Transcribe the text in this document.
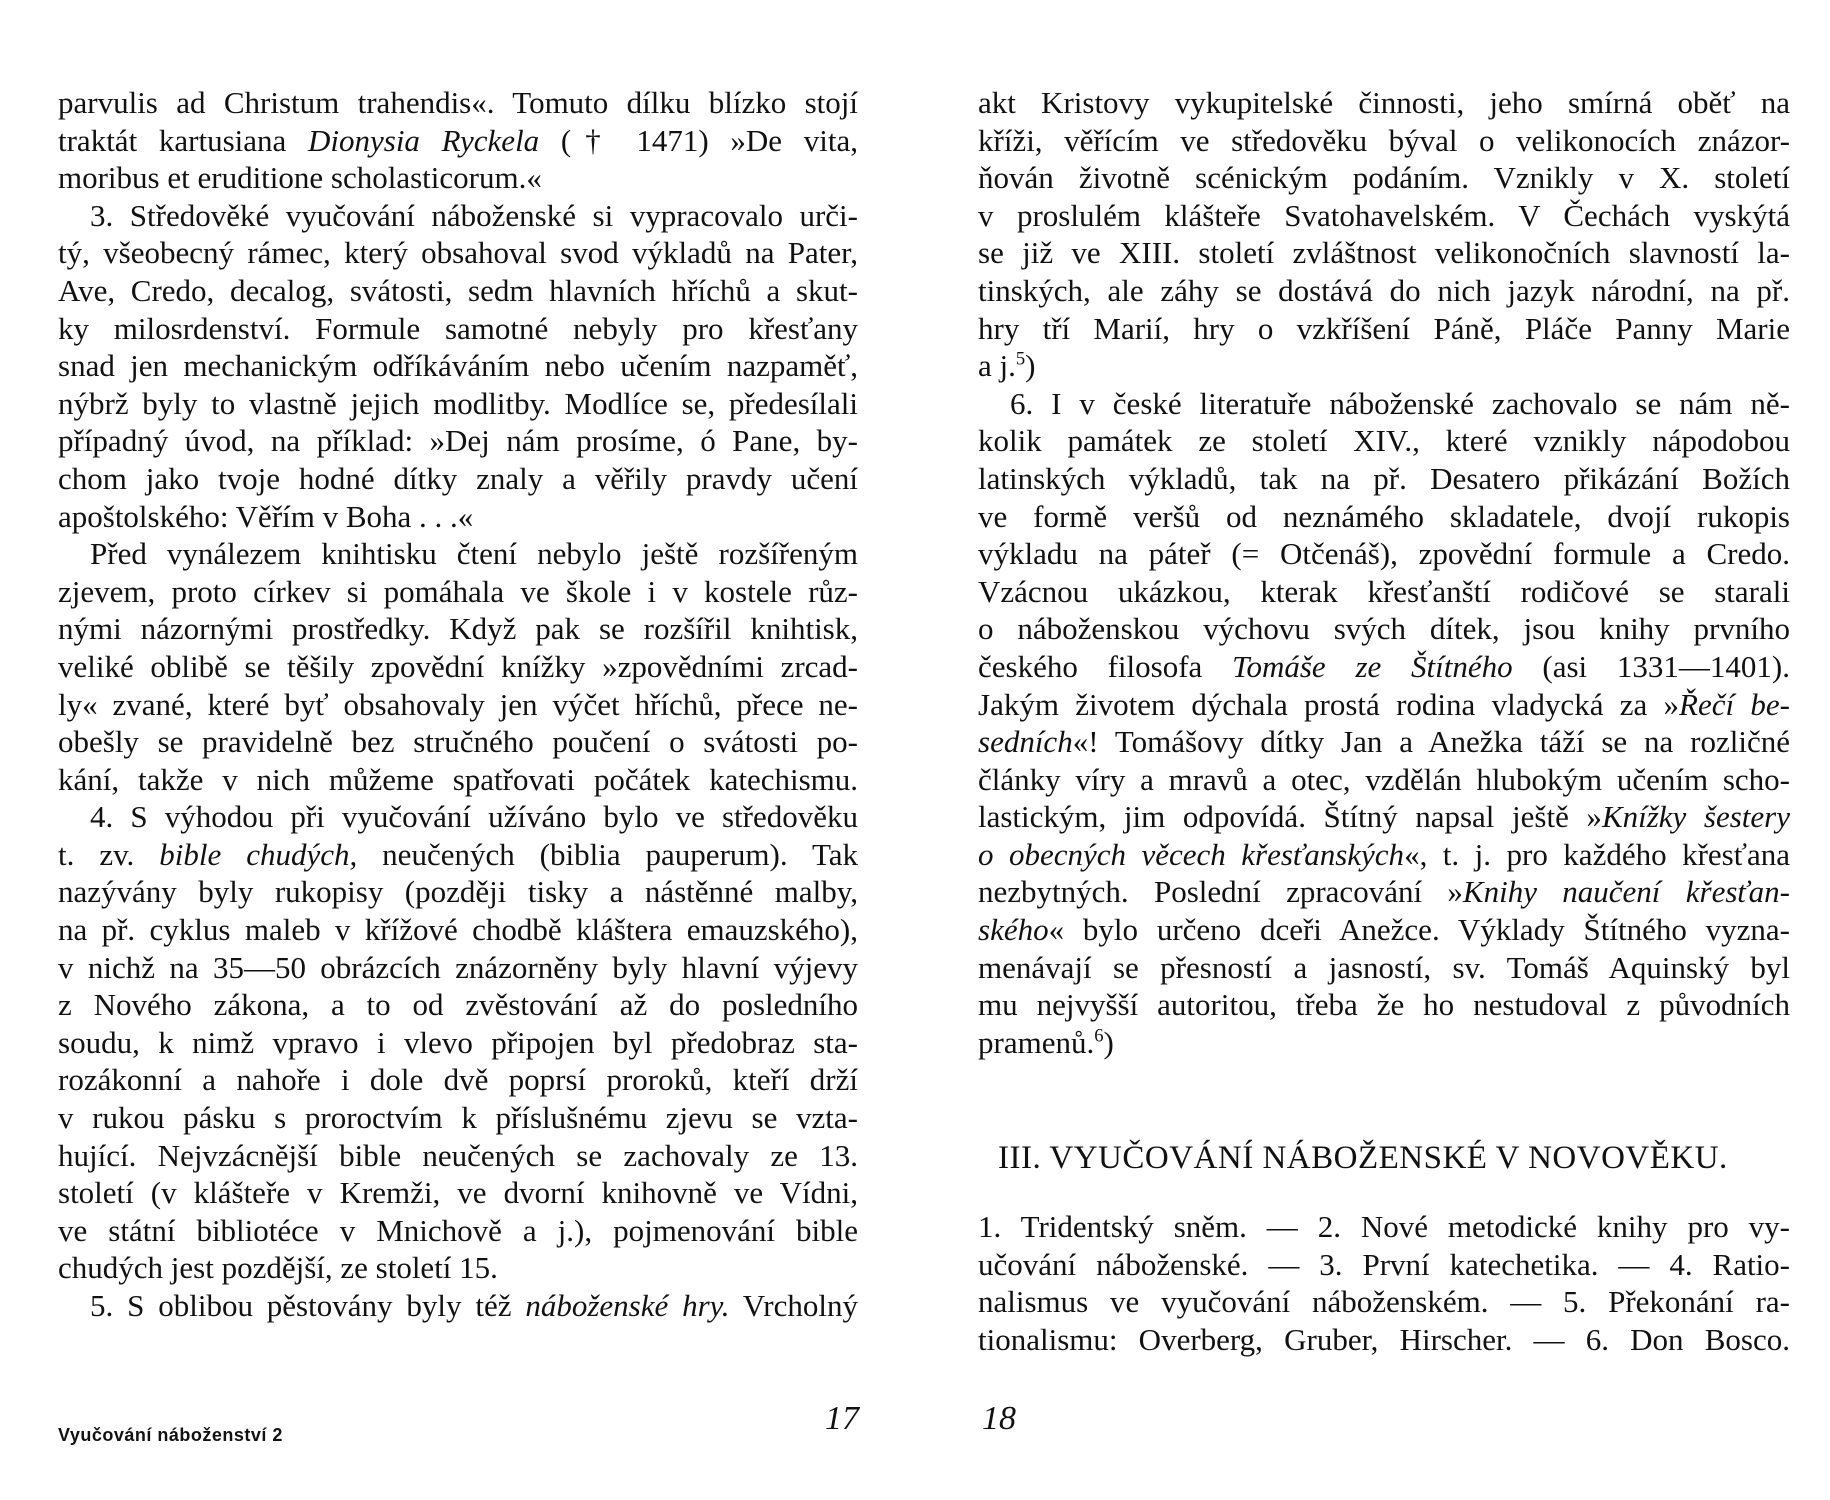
parvulis ad Christum trahendis«. Tomuto dílku blízko stojí
traktát kartusiana Dionysia Ryckela († 1471) »De vita,
moribus et eruditione scholasticorum.«
3. Středověké vyučování náboženské si vypracovalo urči-
tý, všeobecný rámec, který obsahoval svod výkladů na Pater,
Ave, Credo, decalog, svátosti, sedm hlavních hříchů a skut-
ky milosrdenství. Formule samotné nebyly pro křesťany
snad jen mechanickým odříkáváním nebo učením nazpaměť,
nýbrž byly to vlastně jejich modlitby. Modlíce se, předesílali
případný úvod, na příklad: »Dej nám prosíme, ó Pane, by-
chom jako tvoje hodné dítky znaly a věřily pravdy učení
apoštolského: Věřím v Boha . . .«
Před vynálezem knihtisku čtení nebylo ještě rozšířeným
zjevem, proto církev si pomáhala ve škole i v kostele růz-
nými názornými prostředky. Když pak se rozšířil knihtisk,
veliké oblibě se těšily zpovědní knížky »zpovědními zrcad-
ly« zvané, které byť obsahovaly jen výčet hříchů, přece ne-
obešly se pravidelně bez stručného poučení o svátosti po-
kání, takže v nich můžeme spatřovati počátek katechismu.
4. S výhodou při vyučování užíváno bylo ve středověku
t. zv. bible chudých, neučených (biblia pauperum). Tak
nazývány byly rukopisy (později tisky a nástěnné malby,
na př. cyklus maleb v křížové chodbě kláštera emauzského),
v nichž na 35—50 obrázcích znázorněny byly hlavní výjevy
z Nového zákona, a to od zvěstování až do posledního
soudu, k nimž vpravo i vlevo připojen byl předobraz sta-
rozákonní a nahoře i dole dvě poprsí proroků, kteří drží
v rukou pásku s proroctvím k příslušnému zjevu se vzta-
hující. Nejvzácnější bible neučených se zachovaly ze 13.
století (v klášteře v Kremži, ve dvorní knihovně ve Vídni,
ve státní bibliotéce v Mnichově a j.), pojmenování bible
chudých jest pozdější, ze století 15.
5. S oblibou pěstovány byly též náboženské hry. Vrcholný
Vyučování náboženství 2	17
akt Kristovy vykupitelské činnosti, jeho smírná oběť na
kříži, věřícím ve středověku býval o velikonocích znázor-
ňován životně scénickým podáním. Vznikly v X. století
v proslulém klášteře Svatohavelském. V Čechách vyskýtá
se již ve XIII. století zvláštnost velikonočních slavností la-
tinských, ale záhy se dostává do nich jazyk národní, na př.
hry tří Marií, hry o vzkříšení Páně, Pláče Panny Marie
a j.$^5$)
6. I v české literatuře náboženské zachovalo se nám ně-
kolik památek ze století XIV., které vznikly nápodobou
latinských výkladů, tak na př. Desatero přikázání Božích
ve formě veršů od neznámého skladatele, dvojí rukopis
výkladu na páteř (= Otčenáš), zpovědní formule a Credo.
Vzácnou ukázkou, kterak křesťanští rodičové se starali
o náboženskou výchovu svých dítek, jsou knihy prvního
českého filosofa Tomáše ze Štítného (asi 1331—1401).
Jakým životem dýchala prostá rodina vladycká za »Řečí be-
sedních«! Tomášovy dítky Jan a Anežka táží se na rozličné
články víry a mravů a otec, vzdělán hlubokým učením scho-
lastickým, jim odpovídá. Štítný napsal ještě »Knížky šestery
o obecných věcech křesťanských«, t. j. pro každého křesťana
nezbytných. Poslední zpracování »Knihy naučení křesťan-
ského« bylo určeno dceři Anežce. Výklady Štítného vyzna-
menávají se přesností a jasností, sv. Tomáš Aquinský byl
mu nejvyšší autoritou, třeba že ho nestudoval z původních
pramenů.$^6$)
III. VYUČOVÁNÍ NÁBOŽENSKÉ V NOVOVĚKU.
1. Tridentský sněm. — 2. Nové metodické knihy pro vy-
učování náboženské. — 3. První katechetika. — 4. Ratio-
nalismus ve vyučování náboženském. — 5. Překonání ra-
tionalismu: Overberg, Gruber, Hirscher. — 6. Don Bosco.
18
